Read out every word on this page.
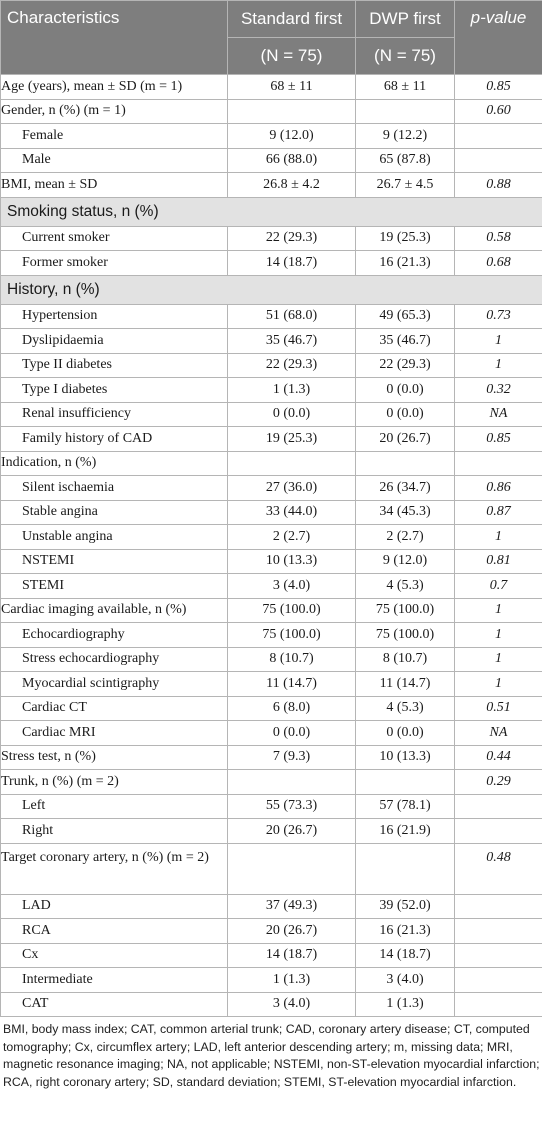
Characteristics	Standard first	DWP first	p-value
	(N = 75)	(N = 75)	
Age (years), mean ± SD (m = 1)	68 ± 11	68 ± 11	0.85
Gender, n (%) (m = 1)			0.60
Female	9 (12.0)	9 (12.2)	
Male	66 (88.0)	65 (87.8)	
BMI, mean ± SD	26.8 ± 4.2	26.7 ± 4.5	0.88
Smoking status, n (%)			
Current smoker	22 (29.3)	19 (25.3)	0.58
Former smoker	14 (18.7)	16 (21.3)	0.68
History, n (%)			
Hypertension	51 (68.0)	49 (65.3)	0.73
Dyslipidaemia	35 (46.7)	35 (46.7)	1
Type II diabetes	22 (29.3)	22 (29.3)	1
Type I diabetes	1 (1.3)	0 (0.0)	0.32
Renal insufficiency	0 (0.0)	0 (0.0)	NA
Family history of CAD	19 (25.3)	20 (26.7)	0.85
Indication, n (%)			
Silent ischaemia	27 (36.0)	26 (34.7)	0.86
Stable angina	33 (44.0)	34 (45.3)	0.87
Unstable angina	2 (2.7)	2 (2.7)	1
NSTEMI	10 (13.3)	9 (12.0)	0.81
STEMI	3 (4.0)	4 (5.3)	0.7
Cardiac imaging available, n (%)	75 (100.0)	75 (100.0)	1
Echocardiography	75 (100.0)	75 (100.0)	1
Stress echocardiography	8 (10.7)	8 (10.7)	1
Myocardial scintigraphy	11 (14.7)	11 (14.7)	1
Cardiac CT	6 (8.0)	4 (5.3)	0.51
Cardiac MRI	0 (0.0)	0 (0.0)	NA
Stress test, n (%)	7 (9.3)	10 (13.3)	0.44
Trunk, n (%) (m = 2)			0.29
Left	55 (73.3)	57 (78.1)	
Right	20 (26.7)	16 (21.9)	
Target coronary artery, n (%) (m = 2)			0.48
LAD	37 (49.3)	39 (52.0)	
RCA	20 (26.7)	16 (21.3)	
Cx	14 (18.7)	14 (18.7)	
Intermediate	1 (1.3)	3 (4.0)	
CAT	3 (4.0)	1 (1.3)	
BMI, body mass index; CAT, common arterial trunk; CAD, coronary artery disease; CT, computed tomography; Cx, circumflex artery; LAD, left anterior descending artery; m, missing data; MRI, magnetic resonance imaging; NA, not applicable; NSTEMI, non-ST-elevation myocardial infarction; RCA, right coronary artery; SD, standard deviation; STEMI, ST-elevation myocardial infarction.
